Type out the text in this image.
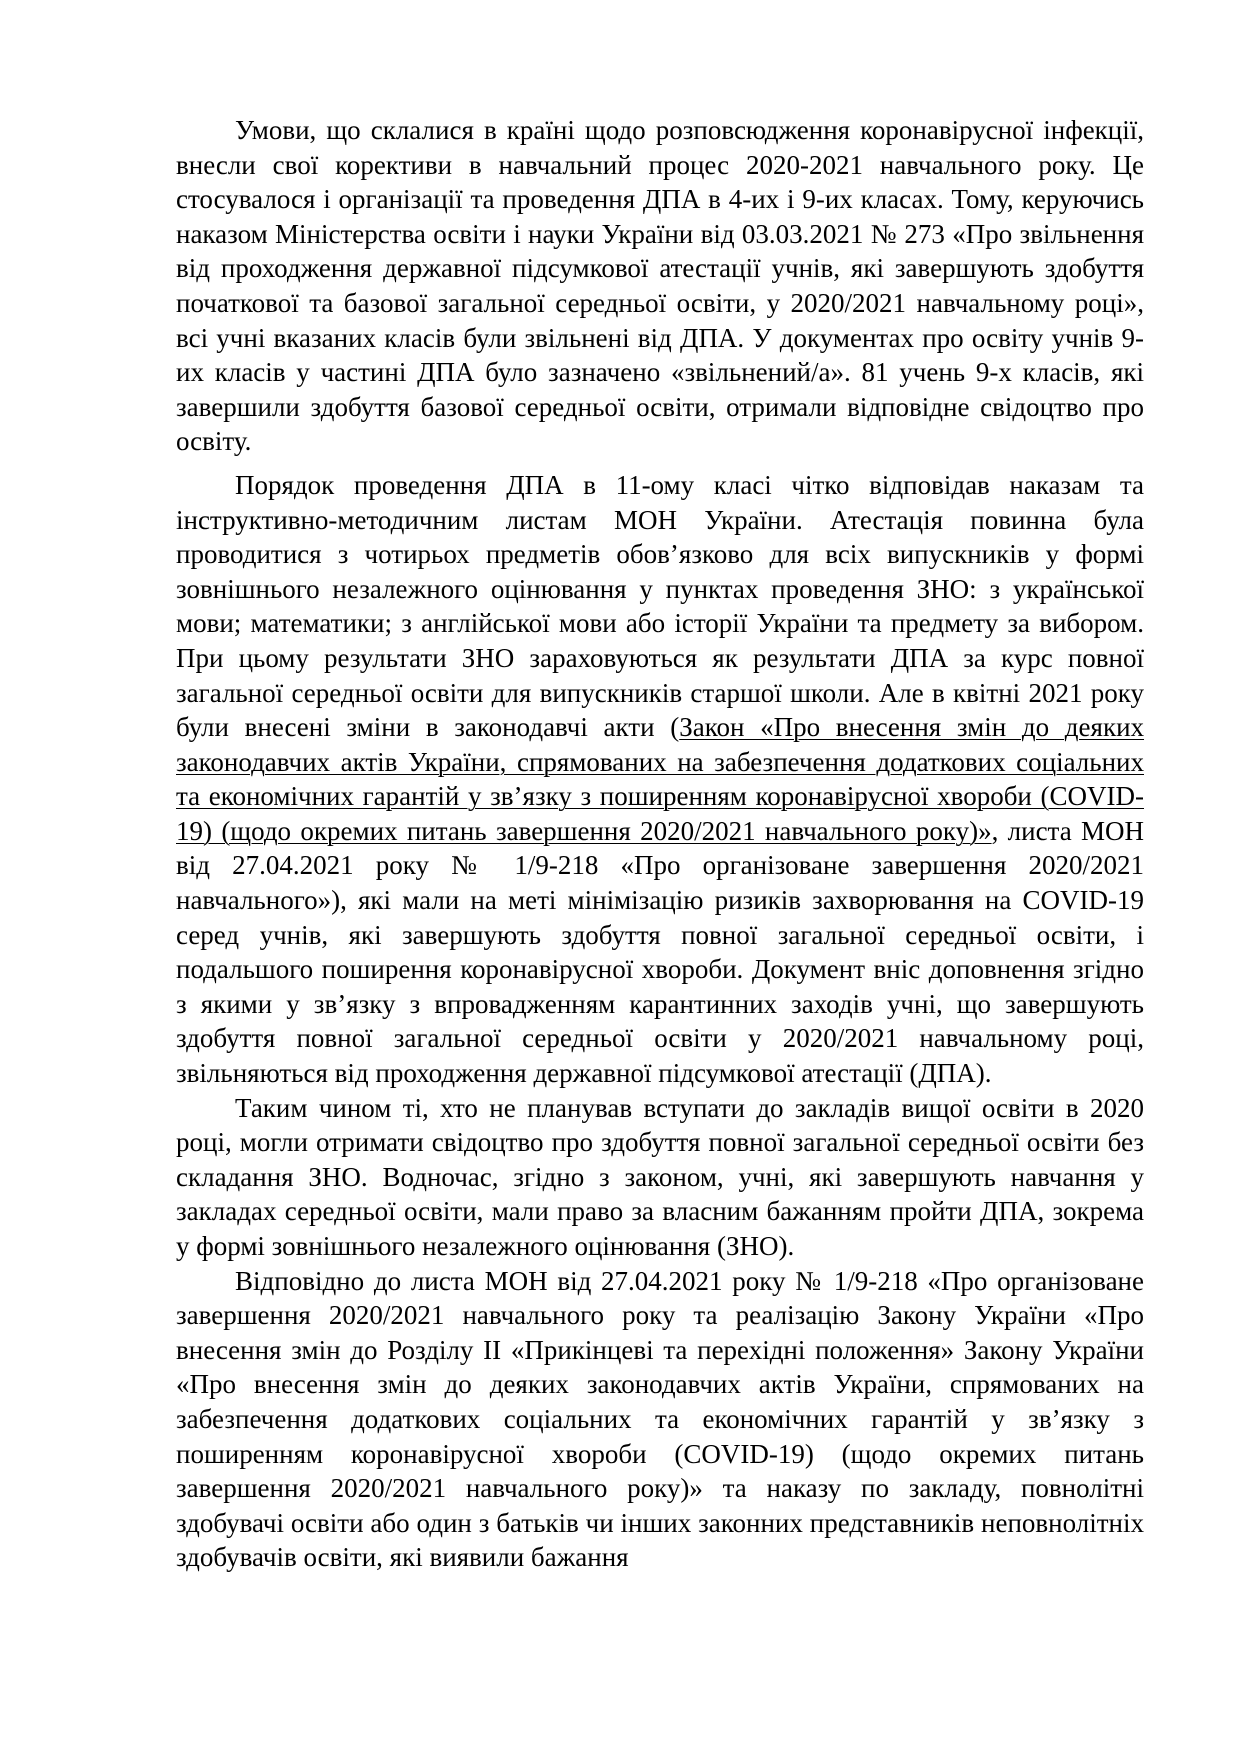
Умови, що склалися в країні щодо розповсюдження коронавірусної інфекції, внесли свої корективи в навчальний процес 2020-2021 навчального року. Це стосувалося і організації та проведення ДПА в 4-их і 9-их класах. Тому, керуючись наказом Міністерства освіти і науки України від 03.03.2021 № 273 «Про звільнення від проходження державної підсумкової атестації учнів, які завершують здобуття початкової та базової загальної середньої освіти, у 2020/2021 навчальному році», всі учні вказаних класів були звільнені від ДПА. У документах про освіту учнів 9-их класів у частині ДПА було зазначено «звільнений/а». 81 учень 9-х класів, які завершили здобуття базової середньої освіти, отримали відповідне свідоцтво про освіту.

Порядок проведення ДПА в 11-ому класі чітко відповідав наказам та інструктивно-методичним листам МОН України. Атестація повинна була проводитися з чотирьох предметів обов’язково для всіх випускників у формі зовнішнього незалежного оцінювання у пунктах проведення ЗНО: з української мови; математики; з англійської мови або історії України та предмету за вибором. При цьому результати ЗНО зараховуються як результати ДПА за курс повної загальної середньої освіти для випускників старшої школи. Але в квітні 2021 року були внесені зміни в законодавчі акти (Закон «Про внесення змін до деяких законодавчих актів України, спрямованих на забезпечення додаткових соціальних та економічних гарантій у зв’язку з поширенням коронавірусної хвороби (COVID-19) (щодо окремих питань завершення 2020/2021 навчального року)», листа МОН від 27.04.2021 року № 1/9-218 «Про організоване завершення 2020/2021 навчального»), які мали на меті мінімізацію ризиків захворювання на COVID-19 серед учнів, які завершують здобуття повної загальної середньої освіти, і подальшого поширення коронавірусної хвороби. Документ вніс доповнення згідно з якими у зв’язку з впровадженням карантинних заходів учні, що завершують здобуття повної загальної середньої освіти у 2020/2021 навчальному році, звільняються від проходження державної підсумкової атестації (ДПА).

Таким чином ті, хто не планував вступати до закладів вищої освіти в 2020 році, могли отримати свідоцтво про здобуття повної загальної середньої освіти без складання ЗНО. Водночас, згідно з законом, учні, які завершують навчання у закладах середньої освіти, мали право за власним бажанням пройти ДПА, зокрема у формі зовнішнього незалежного оцінювання (ЗНО).

Відповідно до листа МОН від 27.04.2021 року № 1/9-218 «Про організоване завершення 2020/2021 навчального року та реалізацію Закону України «Про внесення змін до Розділу ІІ «Прикінцеві та перехідні положення» Закону України «Про внесення змін до деяких законодавчих актів України, спрямованих на забезпечення додаткових соціальних та економічних гарантій у зв’язку з поширенням коронавірусної хвороби (COVID-19) (щодо окремих питань завершення 2020/2021 навчального року)» та наказу по закладу, повнолітні здобувачі освіти або один з батьків чи інших законних представників неповнолітніх здобувачів освіти, які виявили бажання
